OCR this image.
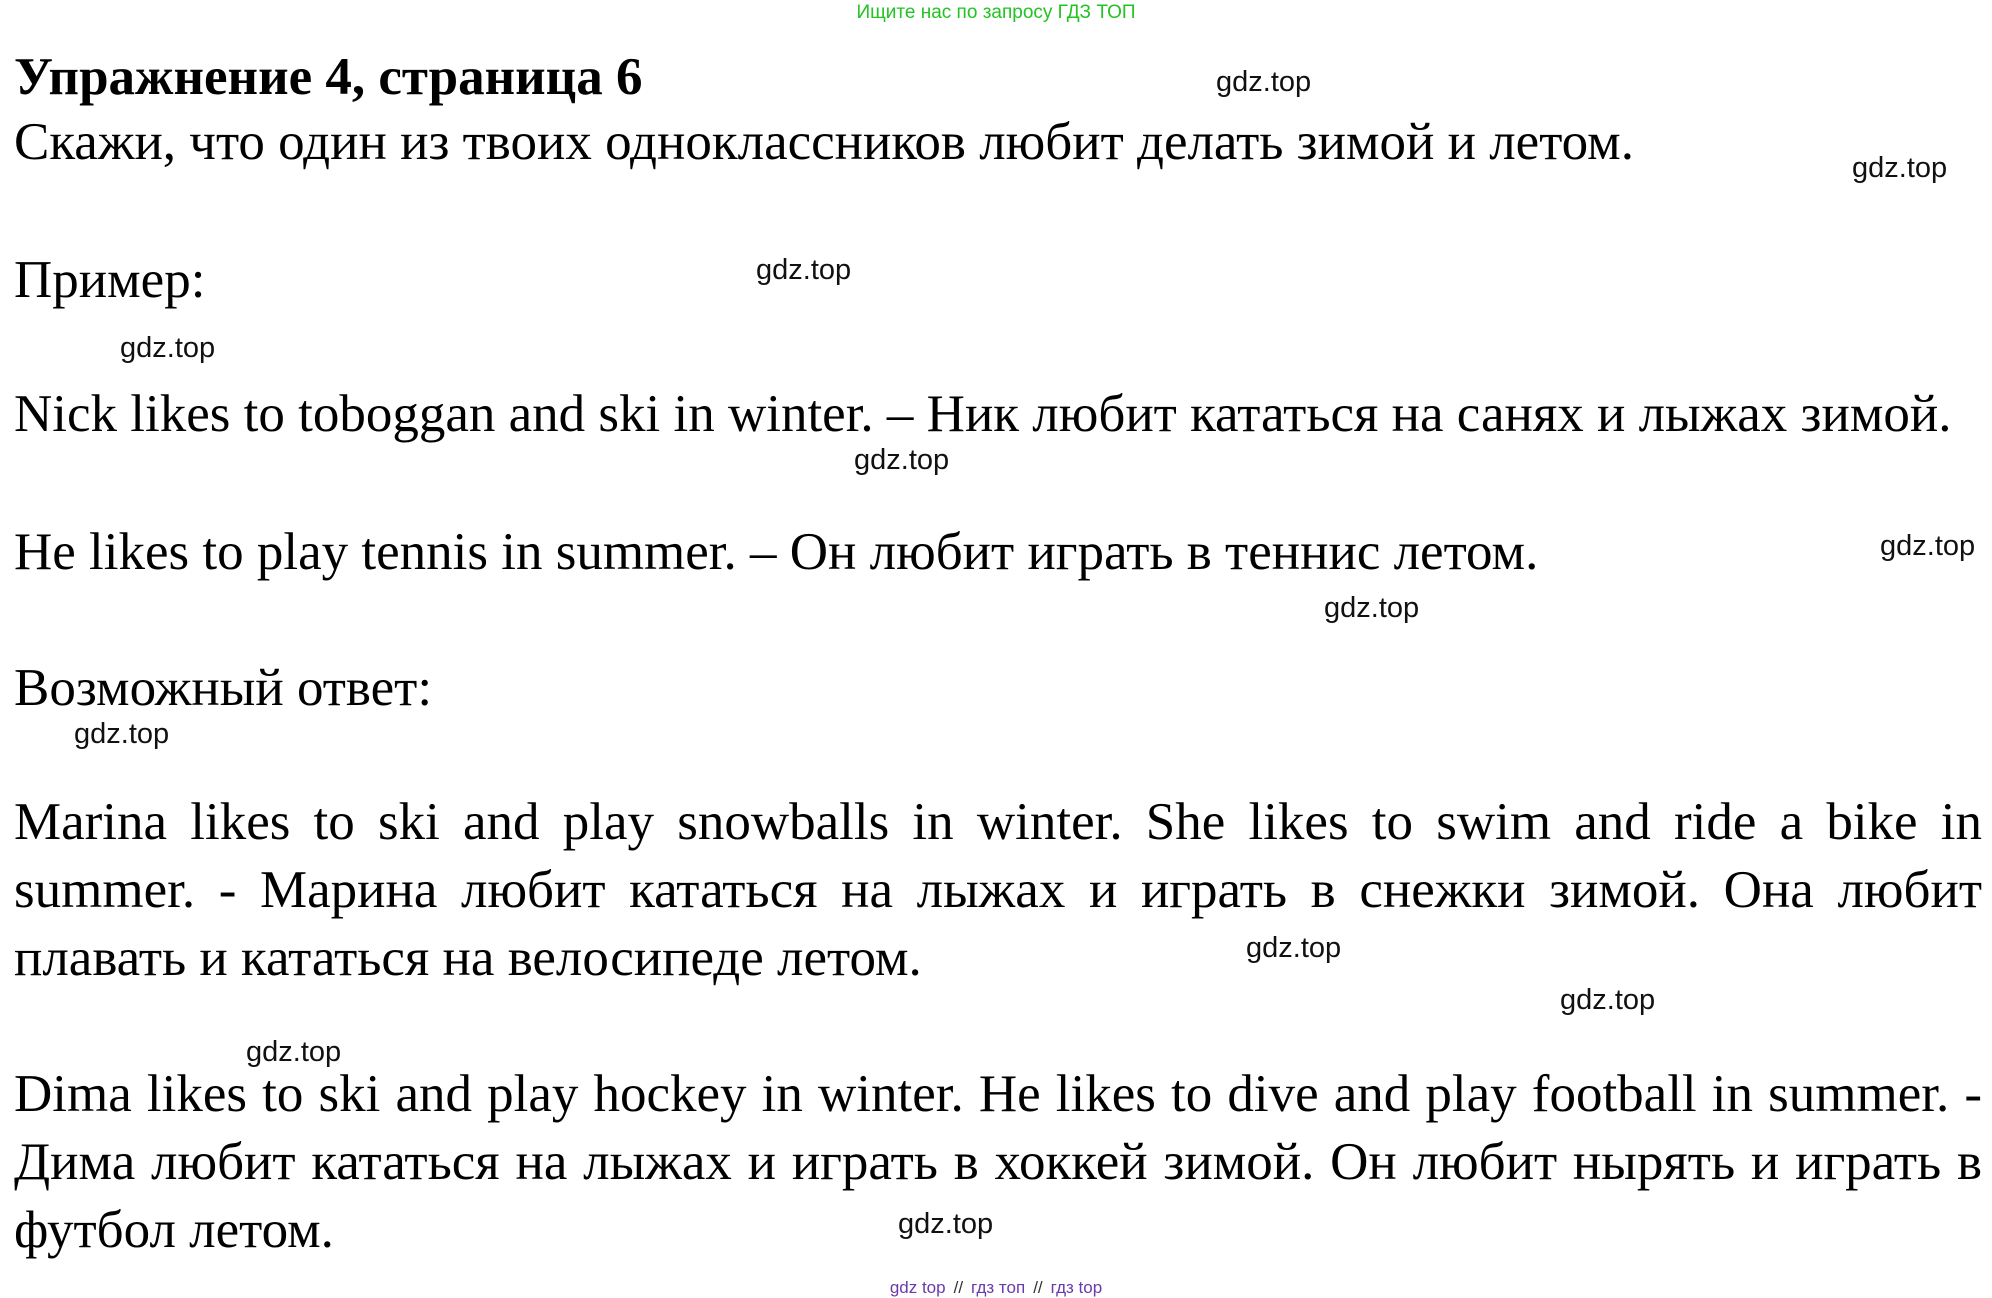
Ищите нас по запросу ГДЗ ТОП
Упражнение 4, страница 6

Скажи, что один из твоих одноклассников любит делать зимой и летом.

Пример:

Nick likes to toboggan and ski in winter. – Ник любит кататься на санях и лыжах зимой.

He likes to play tennis in summer. – Он любит играть в теннис летом.

Возможный ответ:

Marina likes to ski and play snowballs in winter. She likes to swim and ride a bike in summer. - Марина любит кататься на лыжах и играть в снежки зимой. Она любит плавать и кататься на велосипеде летом.

Dima likes to ski and play hockey in winter. He likes to dive and play football in summer. - Дима любит кататься на лыжах и играть в хоккей зимой. Он любит нырять и играть в футбол летом.

gdz.top
gdz.top
gdz.top
gdz.top
gdz.top
gdz.top
gdz.top
gdz.top
gdz.top
gdz.top
gdz.top
gdz.top
gdz top // гдз топ // гдз top
